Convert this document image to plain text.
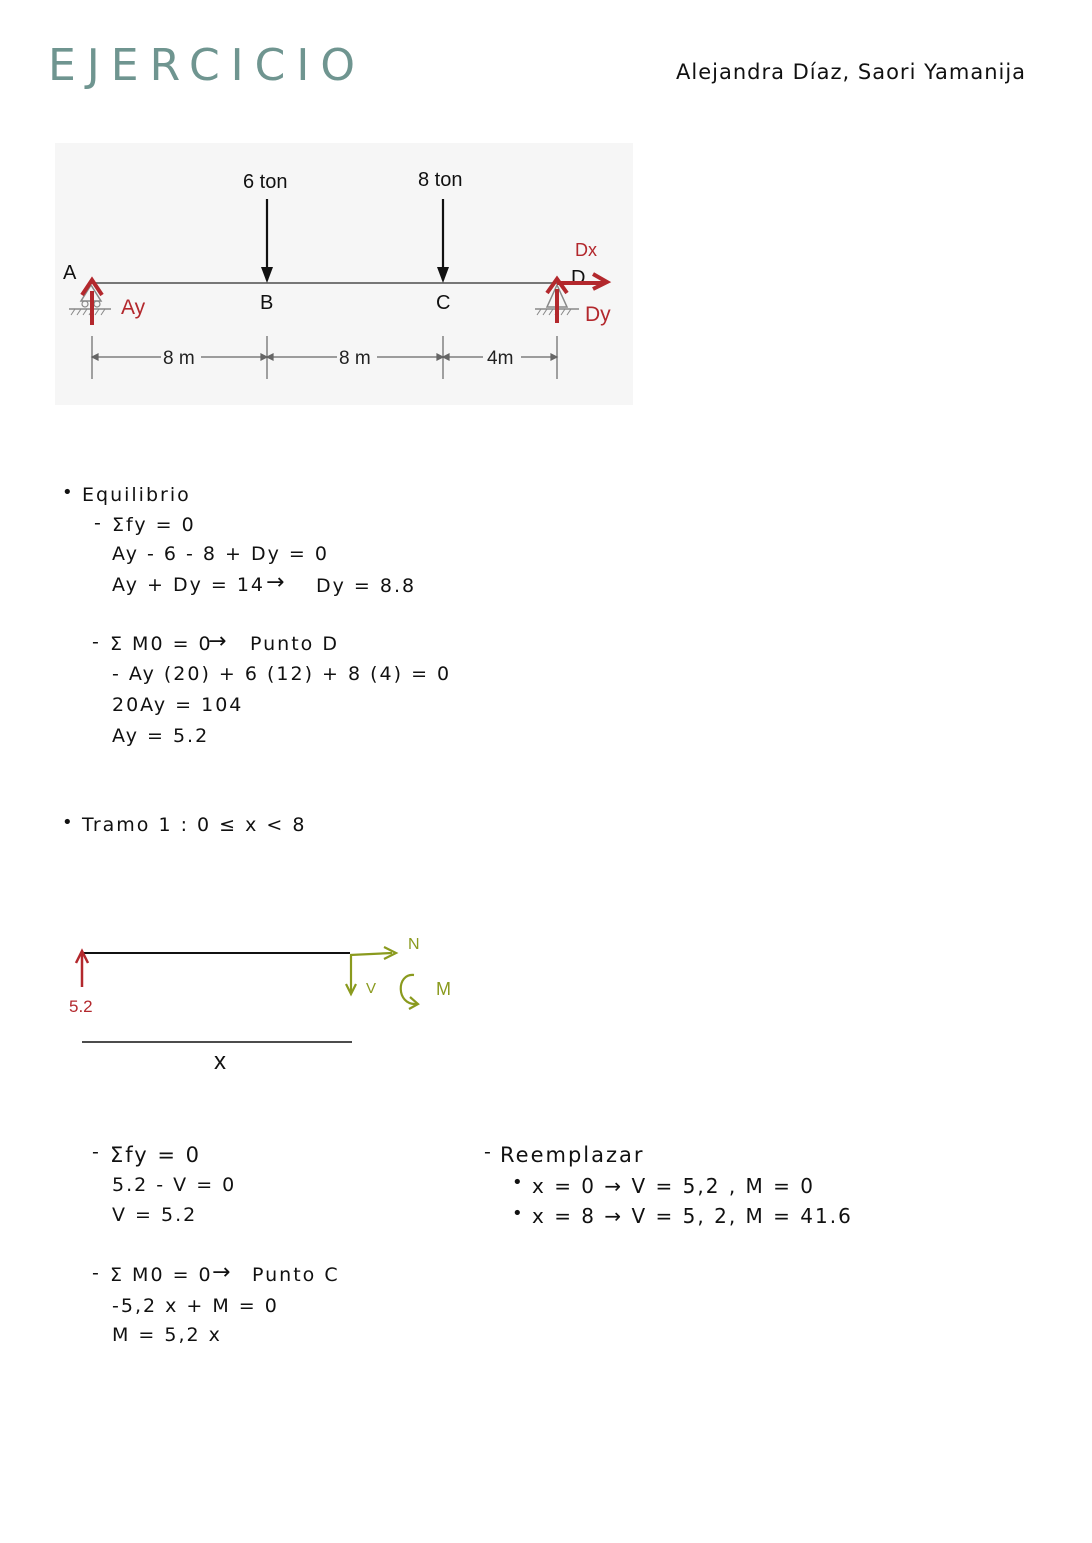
EJERCICIO	Alejandra Díaz, Saori Yamanija
6 ton	8 ton
A
B	C
D
Ay	Dy
Dx
8 m	8 m	4m
• Equilibrio
- Σfy = 0
Ay - 6 - 8 + Dy = 0
Ay + Dy = 14 → Dy = 8.8
- Σ M0 = 0
→ Punto D
- Ay (20) + 6 (12) + 8 (4) = 0
20Ay = 104
Ay = 5.2
• Tramo 1 : 0 ≤ x < 8
5.2
N
V	M
x
- Σfy = 0
5.2 - V = 0
V = 5.2
- Σ M0 = 0 → Punto C
-5,2 x + M = 0
M = 5,2 x
- Reemplazar
• x = 0 → V = 5,2 , M = 0
• x = 8 → V = 5, 2, M = 41.6
